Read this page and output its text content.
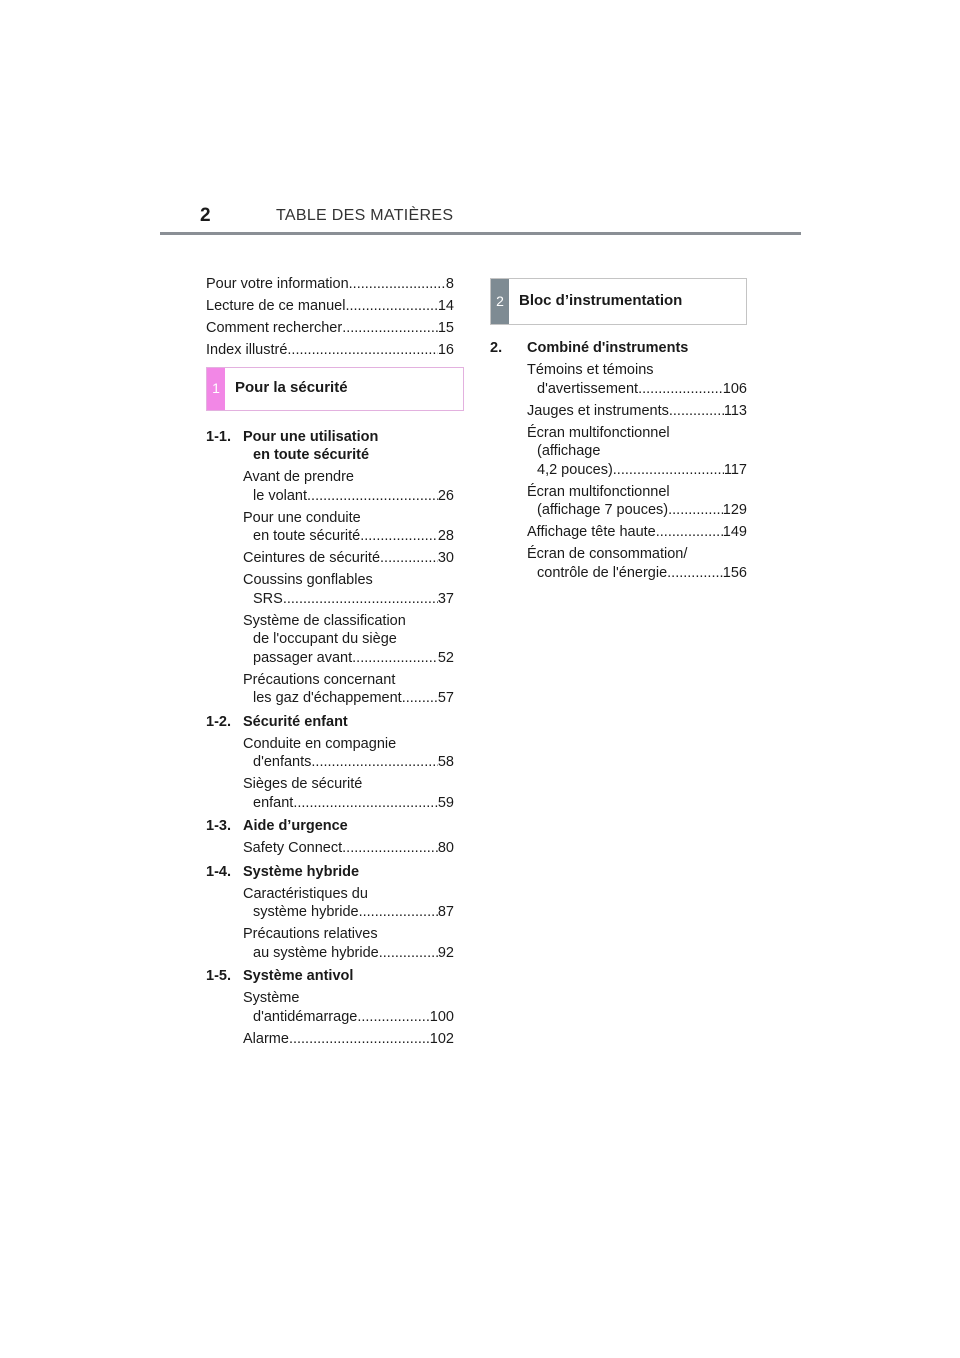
2	TABLE DES MATIÈRES
Pour votre information .....	8
Lecture de ce manuel .....	14
Comment rechercher .....	15
Index illustré .....	16
1	Pour la sécurité
1-1. Pour une utilisation
en toute sécurité
Avant de prendre
le volant .....	26
Pour une conduite
en toute sécurité .....	28
Ceintures de sécurité .....	30
Coussins gonflables
SRS .....	37
Système de classification
de l'occupant du siège
passager avant .....	52
Précautions concernant
les gaz d'échappement ..... 57
1-2. Sécurité enfant
Conduite en compagnie
d'enfants .....	58
Sièges de sécurité
enfant .....	59
1-3. Aide d’urgence
Safety Connect .....	80
1-4. Système hybride
Caractéristiques du
système hybride .....	87
Précautions relatives
au système hybride .....	92
1-5. Système antivol
Système
d'antidémarrage .....	100
Alarme .....	102
2	Bloc d’instrumentation
2.	Combiné d'instruments
Témoins et témoins
d'avertissement .....	106
Jauges et instruments .....	113
Écran multifonctionnel
(affichage
4,2 pouces) .....	117
Écran multifonctionnel
(affichage 7 pouces) .....	129
Affichage tête haute .....	149
Écran de consommation/
contrôle de l'énergie .....	156
